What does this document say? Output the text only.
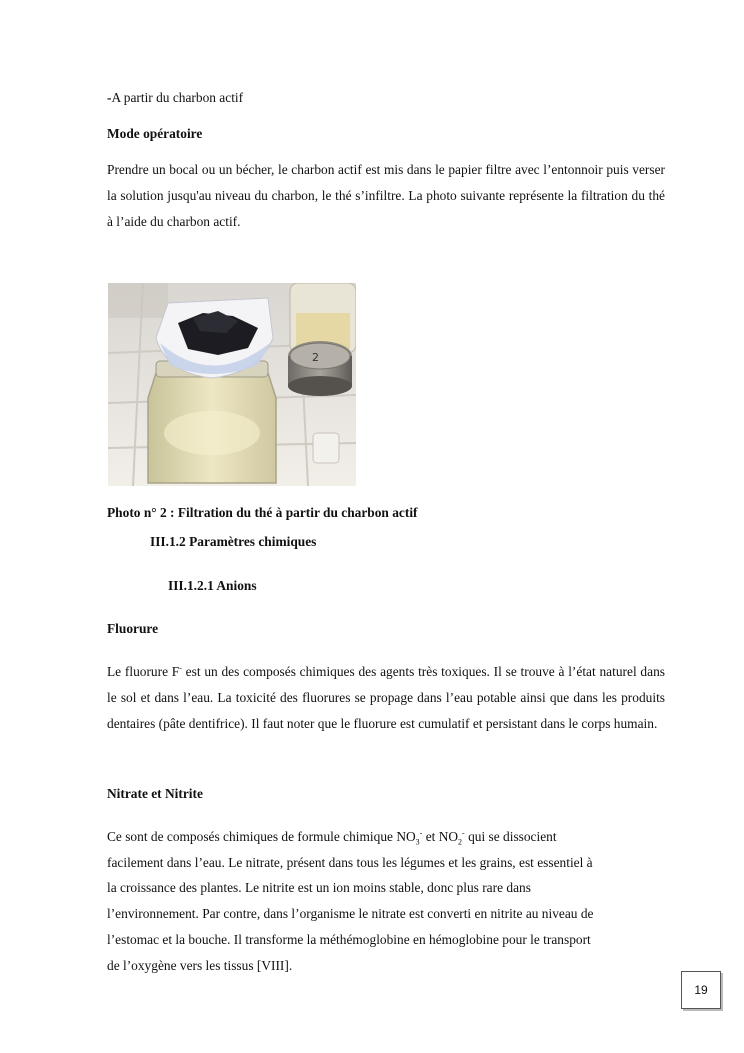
-A partir du charbon actif

Mode opératoire

Prendre un bocal ou un bécher, le charbon actif est mis dans le papier filtre avec l’entonnoir puis verser la solution jusqu'au niveau du charbon, le thé s’infiltre. La photo suivante représente la filtration du thé à l’aide du charbon actif.

2

Photo n° 2 : Filtration du thé à partir du charbon actif

III.1.2 Paramètres chimiques

III.1.2.1 Anions

Fluorure

Le fluorure F- est un des composés chimiques des agents très toxiques. Il se trouve à l’état naturel dans le sol et dans l’eau. La toxicité des fluorures se propage dans l’eau potable ainsi que dans les produits dentaires (pâte dentifrice). Il faut noter que le fluorure est cumulatif et persistant dans le corps humain.

Nitrate et Nitrite

Ce sont de composés chimiques de formule chimique $NO_3^-$ et $NO_2^-$ qui se dissocient

facilement dans l’eau. Le nitrate, présent dans tous les légumes et les grains, est essentiel à

la croissance des plantes. Le nitrite est un ion moins stable, donc plus rare dans

l’environnement. Par contre, dans l’organisme le nitrate est converti en nitrite au niveau de

l’estomac et la bouche. Il transforme la méthémoglobine en hémoglobine pour le transport

de l’oxygène vers les tissus [VIII].

19
